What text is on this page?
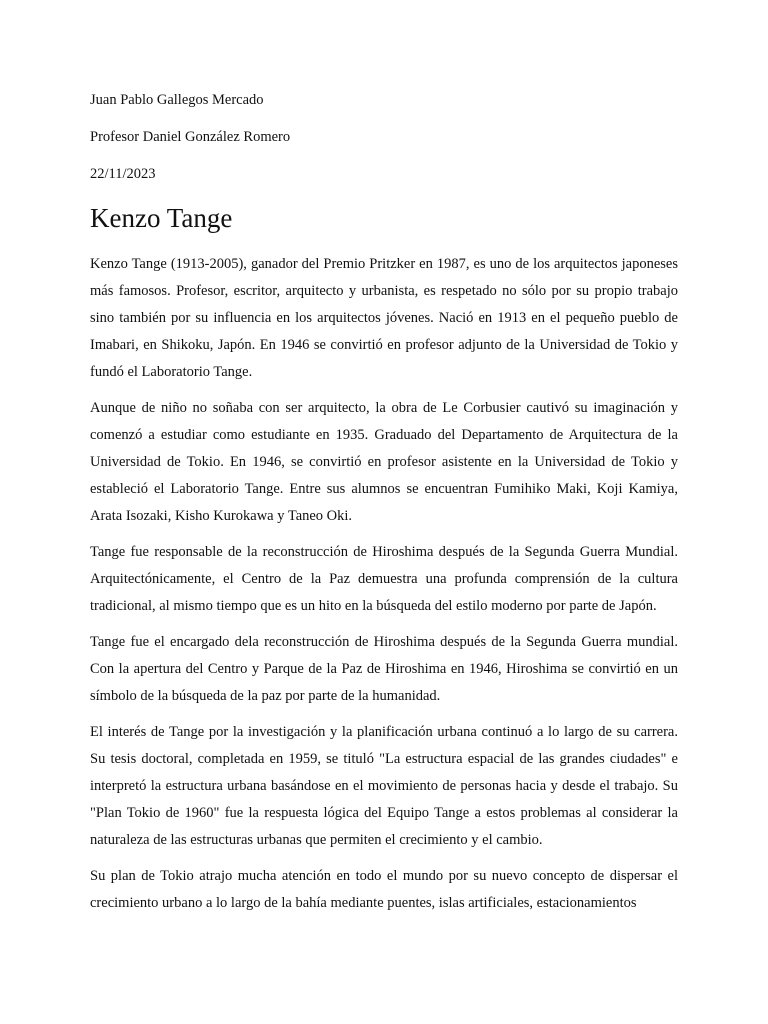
Juan Pablo Gallegos Mercado

Profesor Daniel González Romero

22/11/2023

Kenzo Tange

Kenzo Tange (1913-2005), ganador del Premio Pritzker en 1987, es uno de los arquitectos japoneses más famosos. Profesor, escritor, arquitecto y urbanista, es respetado no sólo por su propio trabajo sino también por su influencia en los arquitectos jóvenes. Nació en 1913 en el pequeño pueblo de Imabari, en Shikoku, Japón. En 1946 se convirtió en profesor adjunto de la Universidad de Tokio y fundó el Laboratorio Tange.

Aunque de niño no soñaba con ser arquitecto, la obra de Le Corbusier cautivó su imaginación y comenzó a estudiar como estudiante en 1935. Graduado del Departamento de Arquitectura de la Universidad de Tokio. En 1946, se convirtió en profesor asistente en la Universidad de Tokio y estableció el Laboratorio Tange. Entre sus alumnos se encuentran Fumihiko Maki, Koji Kamiya, Arata Isozaki, Kisho Kurokawa y Taneo Oki.

Tange fue responsable de la reconstrucción de Hiroshima después de la Segunda Guerra Mundial. Arquitectónicamente, el Centro de la Paz demuestra una profunda comprensión de la cultura tradicional, al mismo tiempo que es un hito en la búsqueda del estilo moderno por parte de Japón.

Tange fue el encargado dela reconstrucción de Hiroshima después de la Segunda Guerra mundial. Con la apertura del Centro y Parque de la Paz de Hiroshima en 1946, Hiroshima se convirtió en un símbolo de la búsqueda de la paz por parte de la humanidad.

El interés de Tange por la investigación y la planificación urbana continuó a lo largo de su carrera. Su tesis doctoral, completada en 1959, se tituló "La estructura espacial de las grandes ciudades" e interpretó la estructura urbana basándose en el movimiento de personas hacia y desde el trabajo. Su "Plan Tokio de 1960" fue la respuesta lógica del Equipo Tange a estos problemas al considerar la naturaleza de las estructuras urbanas que permiten el crecimiento y el cambio.

Su plan de Tokio atrajo mucha atención en todo el mundo por su nuevo concepto de dispersar el crecimiento urbano a lo largo de la bahía mediante puentes, islas artificiales, estacionamientos
